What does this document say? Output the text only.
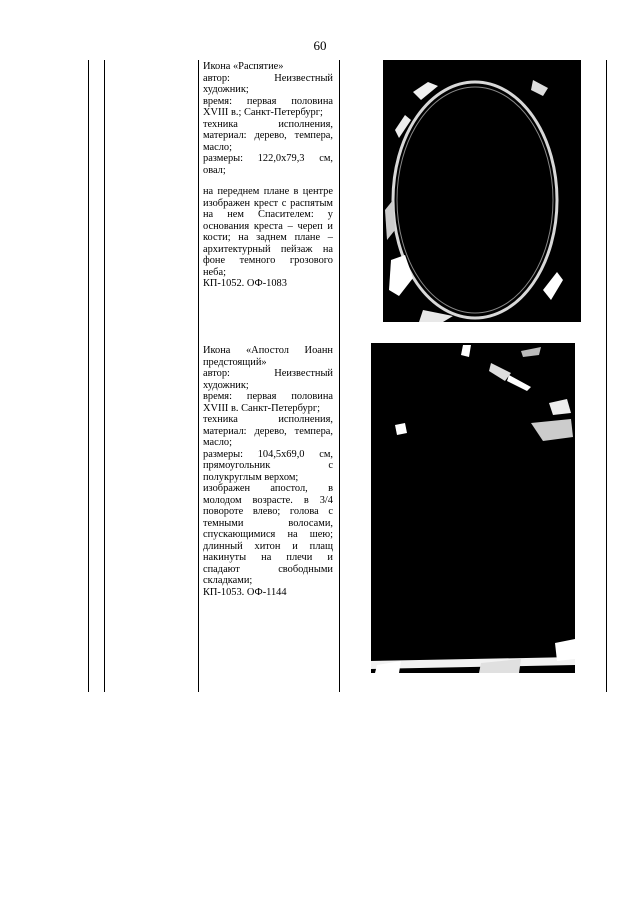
60

Икона «Распятие»

автор: Неизвестный художник;

время: первая половина XVIII в.; Санкт-Петербург;

техника исполнения, материал: дерево, темпера, масло;

размеры: 122,0x79,3 см, овал;

на переднем плане в центре изображен крест с распятым на нем Спасителем: у основания креста – череп и кости; на заднем плане – архитектурный пейзаж на фоне темного грозового неба;

КП-1052. ОФ-1083

Икона «Апостол Иоанн предстоящий»

автор: Неизвестный художник;

время: первая половина XVIII в. Санкт-Петербург;

техника исполнения, материал: дерево, темпера, масло;

размеры: 104,5x69,0 см, прямоугольник с полукруглым верхом;

изображен апостол, в молодом возрасте. в 3/4 повороте влево; голова с темными волосами, спускающимися на шею; длинный хитон и плащ накинуты на плечи и спадают свободными складками;

КП-1053. ОФ-1144
